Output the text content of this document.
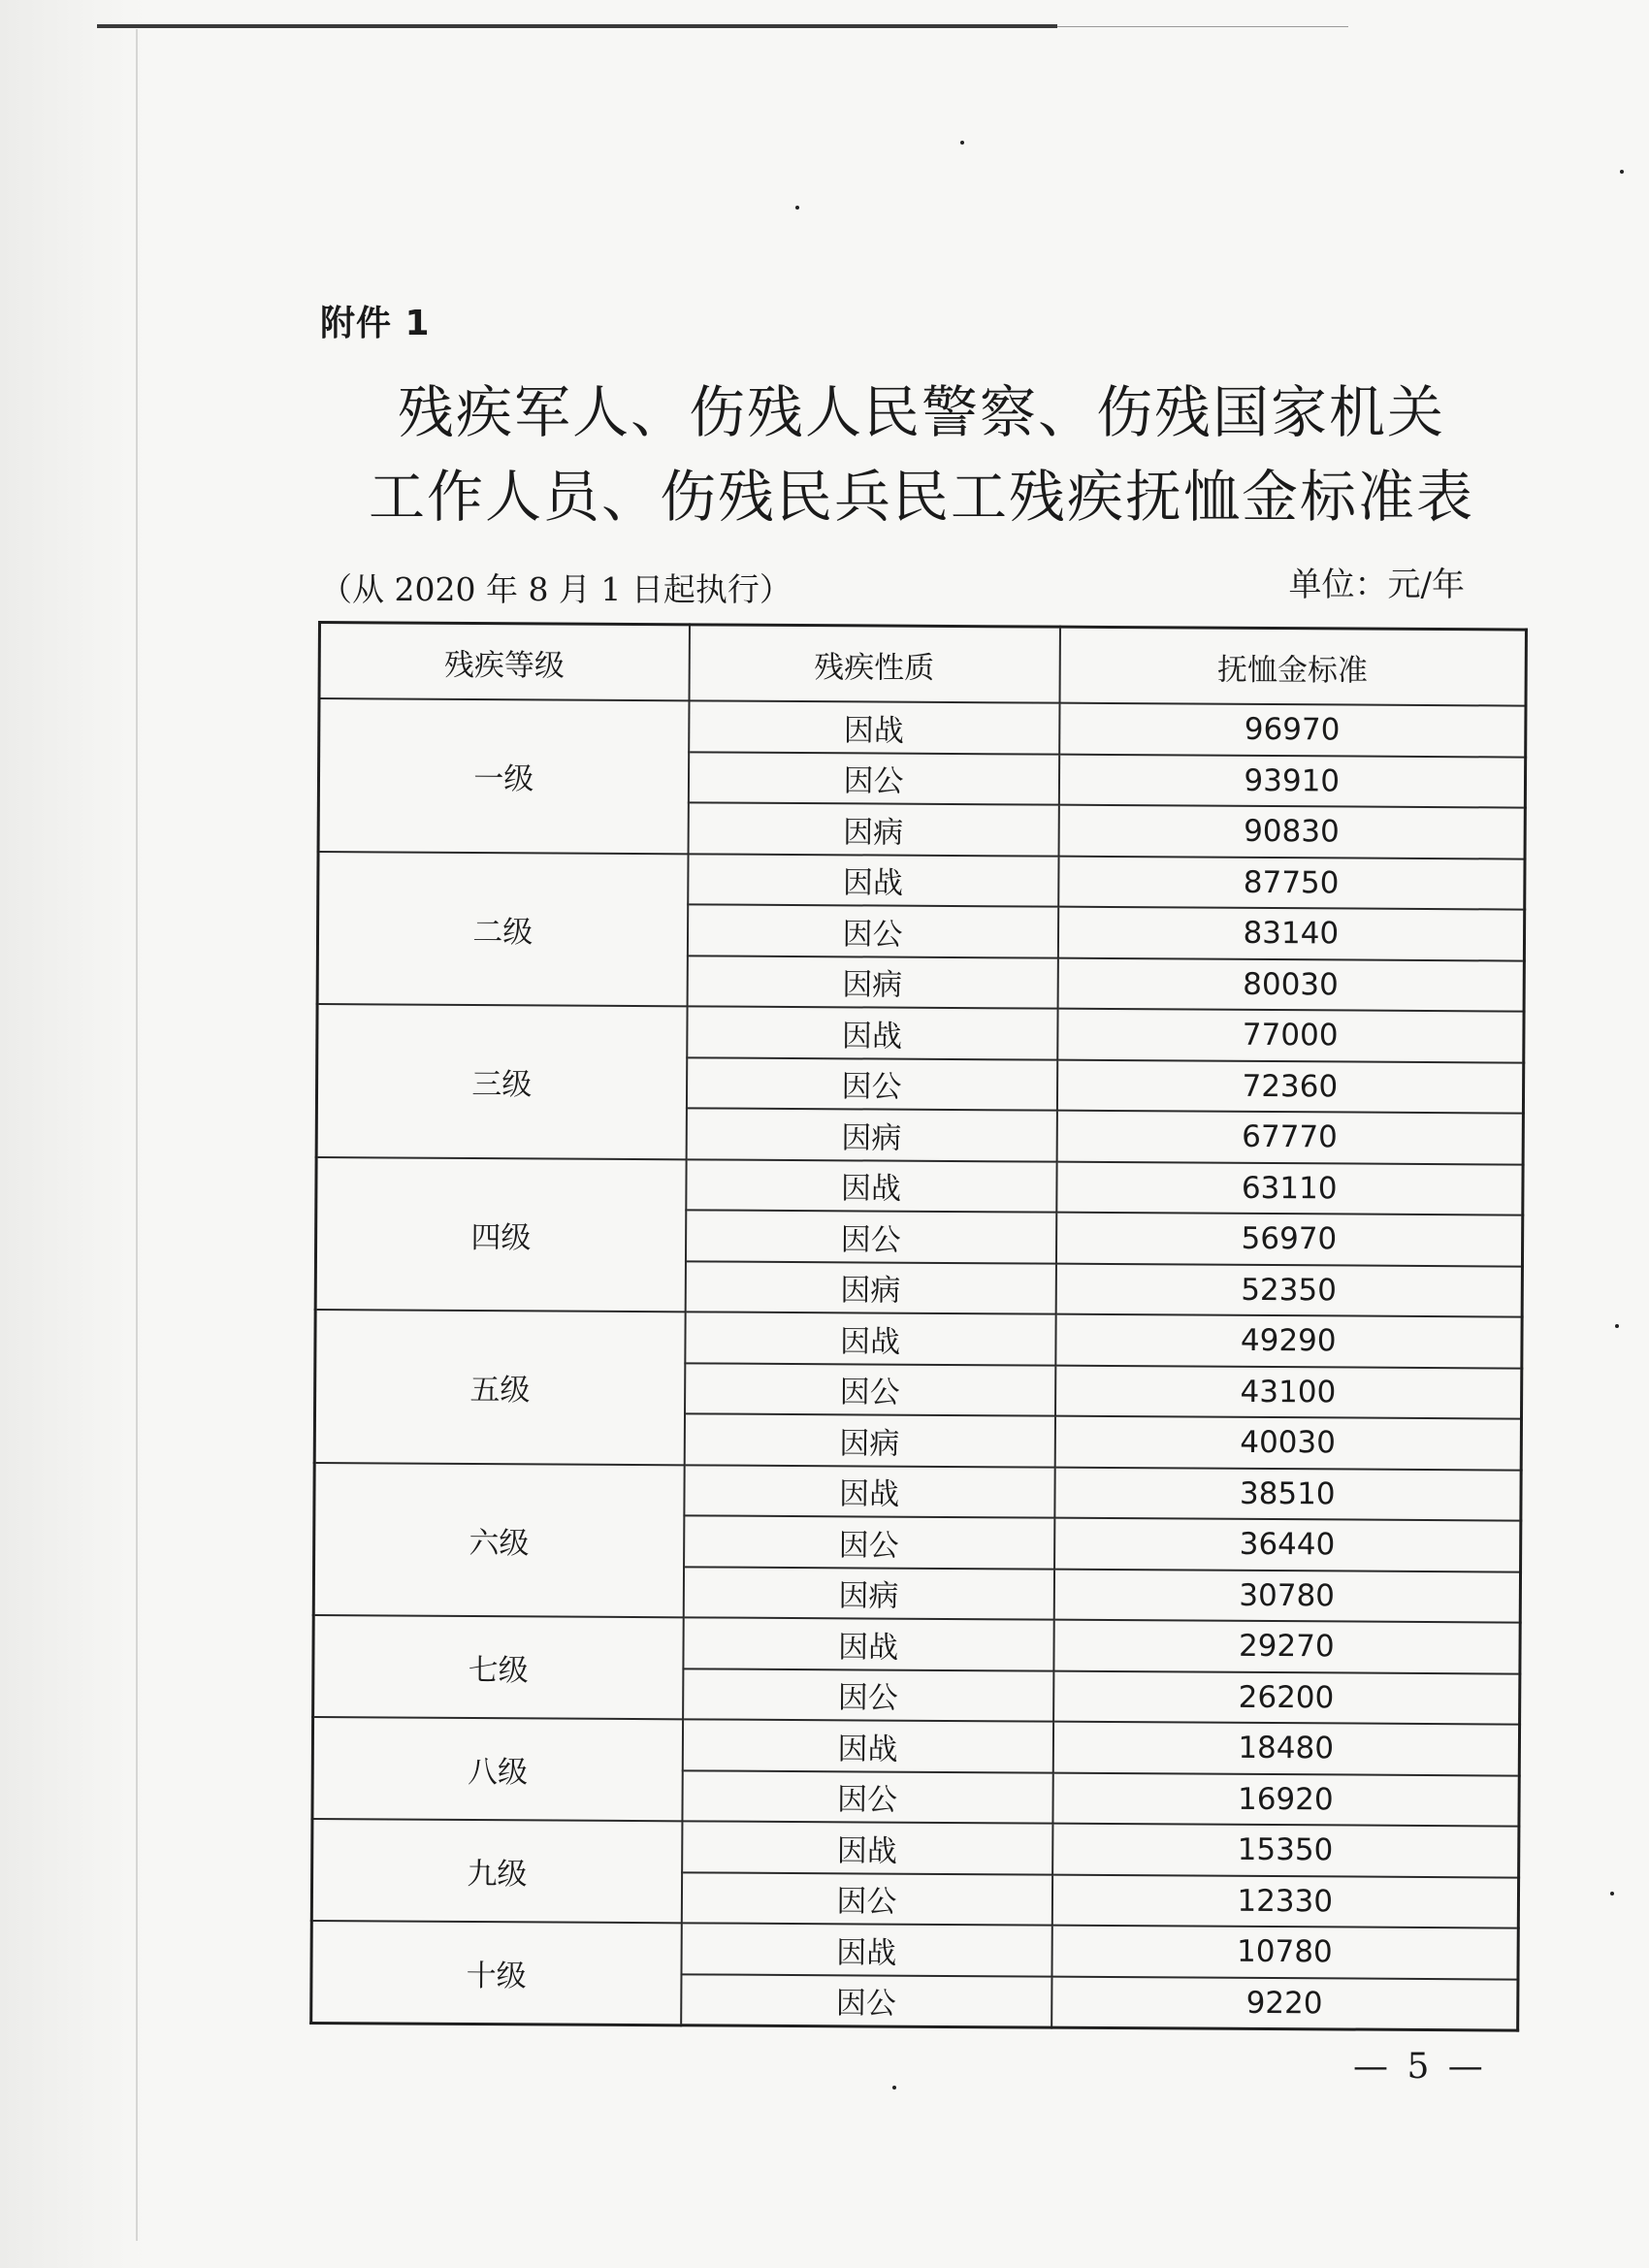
附件 1
残疾军人、伤残人民警察、伤残国家机关
工作人员、伤残民兵民工残疾抚恤金标准表
（从 2020 年 8 月 1 日起执行）	单位：元/年
残疾等级	残疾性质	抚恤金标准
一级	因战	96970
	因公	93910
	因病	90830
二级	因战	87750
	因公	83140
	因病	80030
三级	因战	77000
	因公	72360
	因病	67770
四级	因战	63110
	因公	56970
	因病	52350
五级	因战	49290
	因公	43100
	因病	40030
六级	因战	38510
	因公	36440
	因病	30780
七级	因战	29270
	因公	26200
八级	因战	18480
	因公	16920
九级	因战	15350
	因公	12330
十级	因战	10780
	因公	9220
— 5 —
